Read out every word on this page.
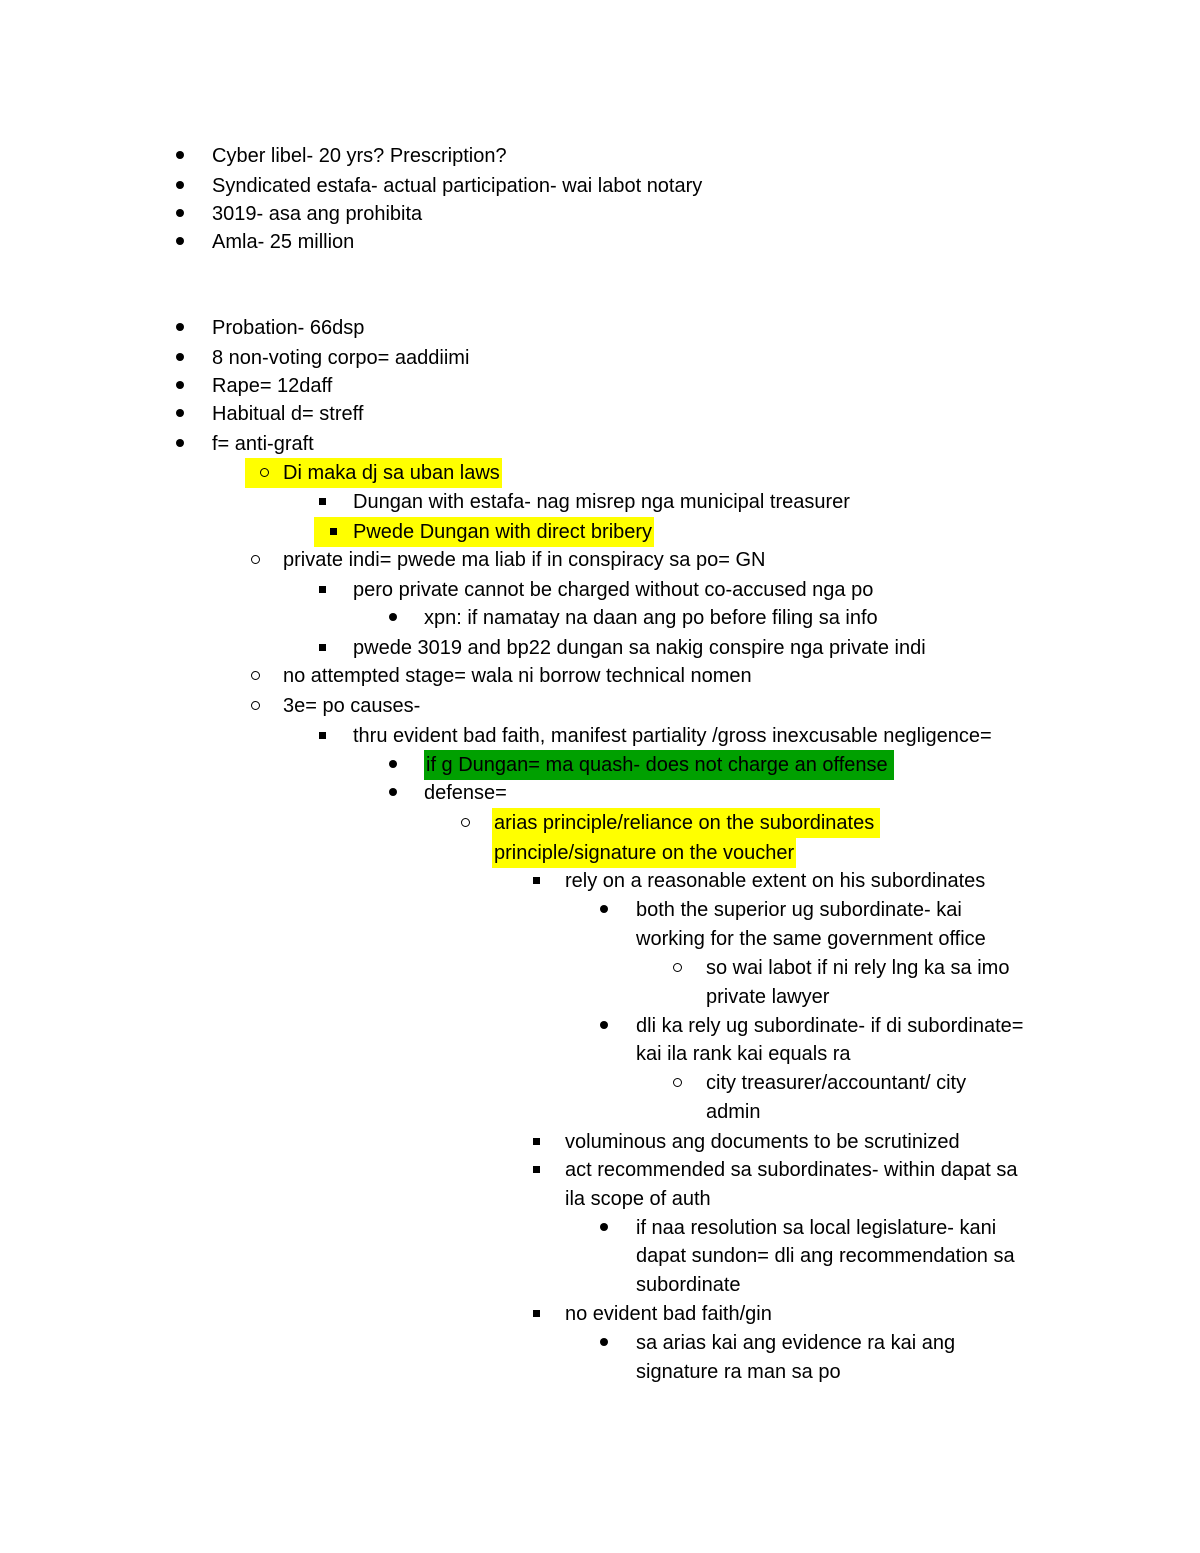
Cyber libel- 20 yrs? Prescription?
Syndicated estafa- actual participation- wai labot notary
3019- asa ang prohibita
Amla- 25 million
Probation- 66dsp
8 non-voting corpo= aaddiimi
Rape= 12daff
Habitual d= streff
f= anti-graft
Di maka dj sa uban laws
Dungan with estafa- nag misrep nga municipal treasurer
Pwede Dungan with direct bribery
private indi= pwede ma liab if in conspiracy sa po= GN
pero private cannot be charged without co-accused nga po
xpn: if namatay na daan ang po before filing sa info
pwede 3019 and bp22 dungan sa nakig conspire nga private indi
no attempted stage= wala ni borrow technical nomen
3e= po causes-
thru evident bad faith, manifest partiality /gross inexcusable negligence=
if g Dungan= ma quash- does not charge an offense
defense=
arias principle/reliance on the subordinates
principle/signature on the voucher
rely on a reasonable extent on his subordinates
both the superior ug subordinate- kai
working for the same government office
so wai labot if ni rely lng ka sa imo
private lawyer
dli ka rely ug subordinate- if di subordinate=
kai ila rank kai equals ra
city treasurer/accountant/ city
admin
voluminous ang documents to be scrutinized
act recommended sa subordinates- within dapat sa
ila scope of auth
if naa resolution sa local legislature- kani
dapat sundon= dli ang recommendation sa
subordinate
no evident bad faith/gin
sa arias kai ang evidence ra kai ang
signature ra man sa po
